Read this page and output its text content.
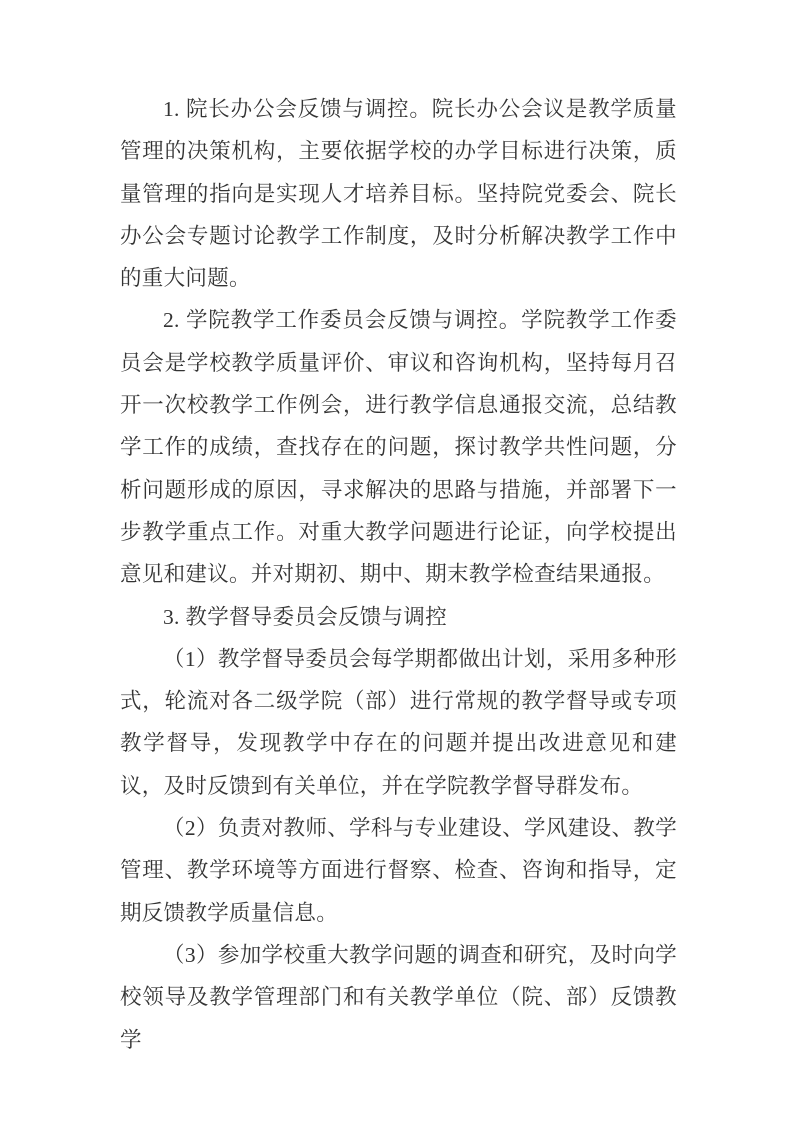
1. 院长办公会反馈与调控。院长办公会议是教学质量管理的决策机构，主要依据学校的办学目标进行决策，质量管理的指向是实现人才培养目标。坚持院党委会、院长办公会专题讨论教学工作制度，及时分析解决教学工作中的重大问题。

2. 学院教学工作委员会反馈与调控。学院教学工作委员会是学校教学质量评价、审议和咨询机构，坚持每月召开一次校教学工作例会，进行教学信息通报交流，总结教学工作的成绩，查找存在的问题，探讨教学共性问题，分析问题形成的原因，寻求解决的思路与措施，并部署下一步教学重点工作。对重大教学问题进行论证，向学校提出意见和建议。并对期初、期中、期末教学检查结果通报。

3. 教学督导委员会反馈与调控

（1）教学督导委员会每学期都做出计划，采用多种形式，轮流对各二级学院（部）进行常规的教学督导或专项教学督导，发现教学中存在的问题并提出改进意见和建议，及时反馈到有关单位，并在学院教学督导群发布。

（2）负责对教师、学科与专业建设、学风建设、教学管理、教学环境等方面进行督察、检查、咨询和指导，定期反馈教学质量信息。

（3）参加学校重大教学问题的调查和研究，及时向学校领导及教学管理部门和有关教学单位（院、部）反馈教学
